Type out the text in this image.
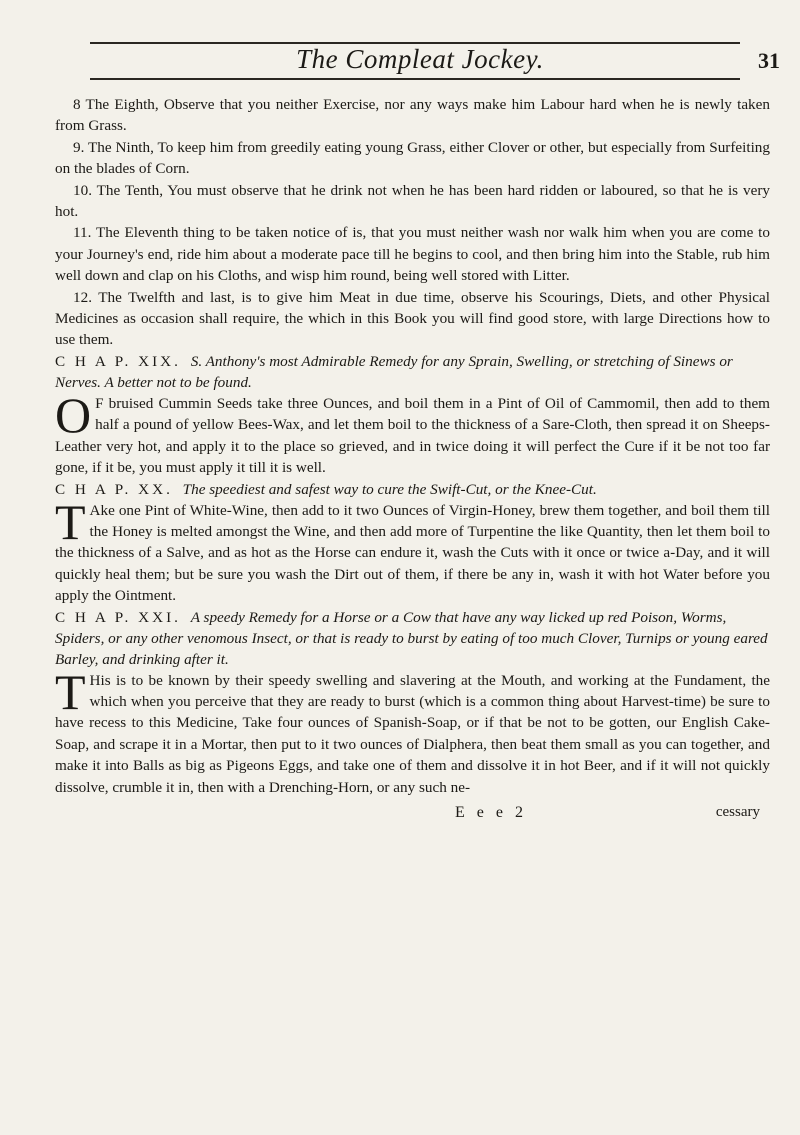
The Compleat Jockey.	31

8 The Eighth, Observe that you neither Exercise, nor any ways make him Labour hard when he is newly taken from Grass.

9. The Ninth, To keep him from greedily eating young Grass, either Clover or other, but especially from Surfeiting on the blades of Corn.

10. The Tenth, You must observe that he drink not when he has been hard ridden or laboured, so that he is very hot.

11. The Eleventh thing to be taken notice of is, that you must neither wash nor walk him when you are come to your Journey's end, ride him about a moderate pace till he begins to cool, and then bring him into the Stable, rub him well down and clap on his Cloths, and wisp him round, being well stored with Litter.

12. The Twelfth and last, is to give him Meat in due time, observe his Scourings, Diets, and other Physical Medicines as occasion shall require, the which in this Book you will find good store, with large Directions how to use them.

C H A P. XIX. S. Anthony's most Admirable Remedy for any Sprain, Swelling, or stretching of Sinews or Nerves. A better not to be found.

O F bruised Cummin Seeds take three Ounces, and boil them in a Pint of Oil of Cammomil, then add to them half a pound of yellow Bees-Wax, and let them boil to the thickness of a Sare-Cloth, then spread it on Sheeps-Leather very hot, and apply it to the place so grieved, and in twice doing it will perfect the Cure if it be not too far gone, if it be, you must apply it till it is well.

C H A P. XX. The speediest and safest way to cure the Swift-Cut, or the Knee-Cut.

T Ake one Pint of White-Wine, then add to it two Ounces of Virgin-Honey, brew them together, and boil them till the Honey is melted amongst the Wine, and then add more of Turpentine the like Quantity, then let them boil to the thickness of a Salve, and as hot as the Horse can endure it, wash the Cuts with it once or twice a-Day, and it will quickly heal them; but be sure you wash the Dirt out of them, if there be any in, wash it with hot Water before you apply the Ointment.

C H A P. XXI. A speedy Remedy for a Horse or a Cow that have any way licked up red Poison, Worms, Spiders, or any other venomous Insect, or that is ready to burst by eating of too much Clover, Turnips or young eared Barley, and drinking after it.

T His is to be known by their speedy swelling and slavering at the Mouth, and working at the Fundament, the which when you perceive that they are ready to burst (which is a common thing about Harvest-time) be sure to have recess to this Medicine, Take four ounces of Spanish-Soap, or if that be not to be gotten, our English Cake-Soap, and scrape it in a Mortar, then put to it two ounces of Dialphera, then beat them small as you can together, and make it into Balls as big as Pigeons Eggs, and take one of them and dissolve it in hot Beer, and if it will not quickly dissolve, crumble it in, then with a Drenching-Horn, or any such ne-

E e e 2	cessary
